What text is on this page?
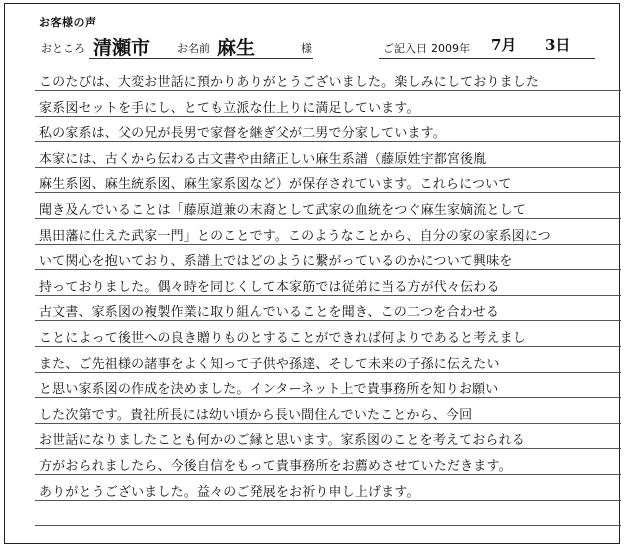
お客様の声
おところ 清瀬市 お名前 麻生	様	ご記入日 2009年 7月 3日
このたびは、大変お世話に預かりありがとうございました。楽しみにしておりました
家系図セットを手にし、とても立派な仕上りに満足しています。
私の家系は、父の兄が長男で家督を継ぎ父が二男で分家しています。
本家には、古くから伝わる古文書や由緒正しい麻生系譜（藤原姓宇都宮後胤
麻生系図、麻生統系図、麻生家系図など）が保存されています。これらについて
聞き及んでいることは「藤原道兼の末裔として武家の血統をつぐ麻生家嫡流として
黒田藩に仕えた武家一門」とのことです。このようなことから、自分の家の家系図につ
いて関心を抱いており、系譜上ではどのように繋がっているのかについて興味を
持っておりました。偶々時を同じくして本家筋では従弟に当る方が代々伝わる
古文書、家系図の複製作業に取り組んでいることを聞き、この二つを合わせる
ことによって後世への良き贈りものとすることができれば何よりであると考えまし
また、ご先祖様の諸事をよく知って子供や孫達、そして未来の子孫に伝えたい
と思い家系図の作成を決めました。インターネット上で貴事務所を知りお願い
した次第です。貴社所長には幼い頃から長い間住んでいたことから、今回
お世話になりましたことも何かのご縁と思います。家系図のことを考えておられる
方がおられましたら、今後自信をもって貴事務所をお薦めさせていただきます。
ありがとうございました。益々のご発展をお祈り申し上げます。
